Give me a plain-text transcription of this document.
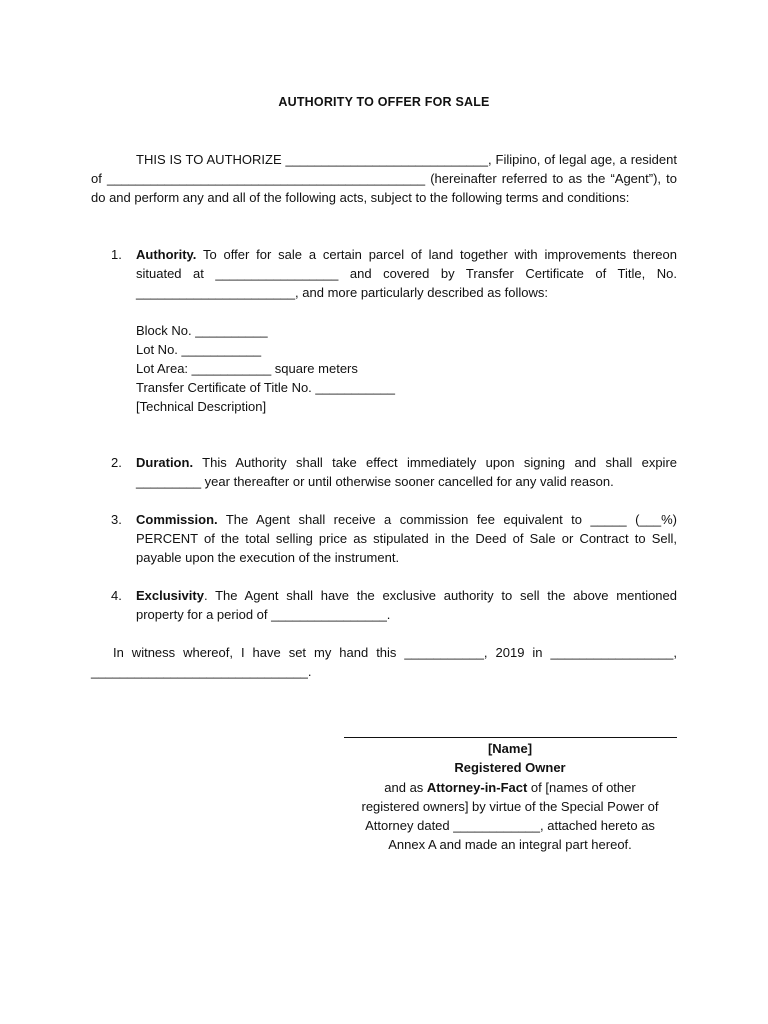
AUTHORITY TO OFFER FOR SALE
THIS IS TO AUTHORIZE ____________________________, Filipino, of legal age, a resident of ____________________________________________ (hereinafter referred to as the “Agent”), to do and perform any and all of the following acts, subject to the following terms and conditions:
1. Authority. To offer for sale a certain parcel of land together with improvements thereon situated at _________________ and covered by Transfer Certificate of Title, No. ______________________, and more particularly described as follows:
Block No. __________
Lot No. ___________
Lot Area: ___________ square meters
Transfer Certificate of Title No. ___________
[Technical Description]
2. Duration. This Authority shall take effect immediately upon signing and shall expire _________ year thereafter or until otherwise sooner cancelled for any valid reason.
3. Commission. The Agent shall receive a commission fee equivalent to _____ (___%) PERCENT of the total selling price as stipulated in the Deed of Sale or Contract to Sell, payable upon the execution of the instrument.
4. Exclusivity. The Agent shall have the exclusive authority to sell the above mentioned property for a period of ________________.
In witness whereof, I have set my hand this ___________, 2019 in _________________, ______________________________.
[Name]
Registered Owner
and as Attorney-in-Fact of [names of other
registered owners] by virtue of the Special Power of
Attorney dated ____________, attached hereto as
Annex A and made an integral part hereof.
